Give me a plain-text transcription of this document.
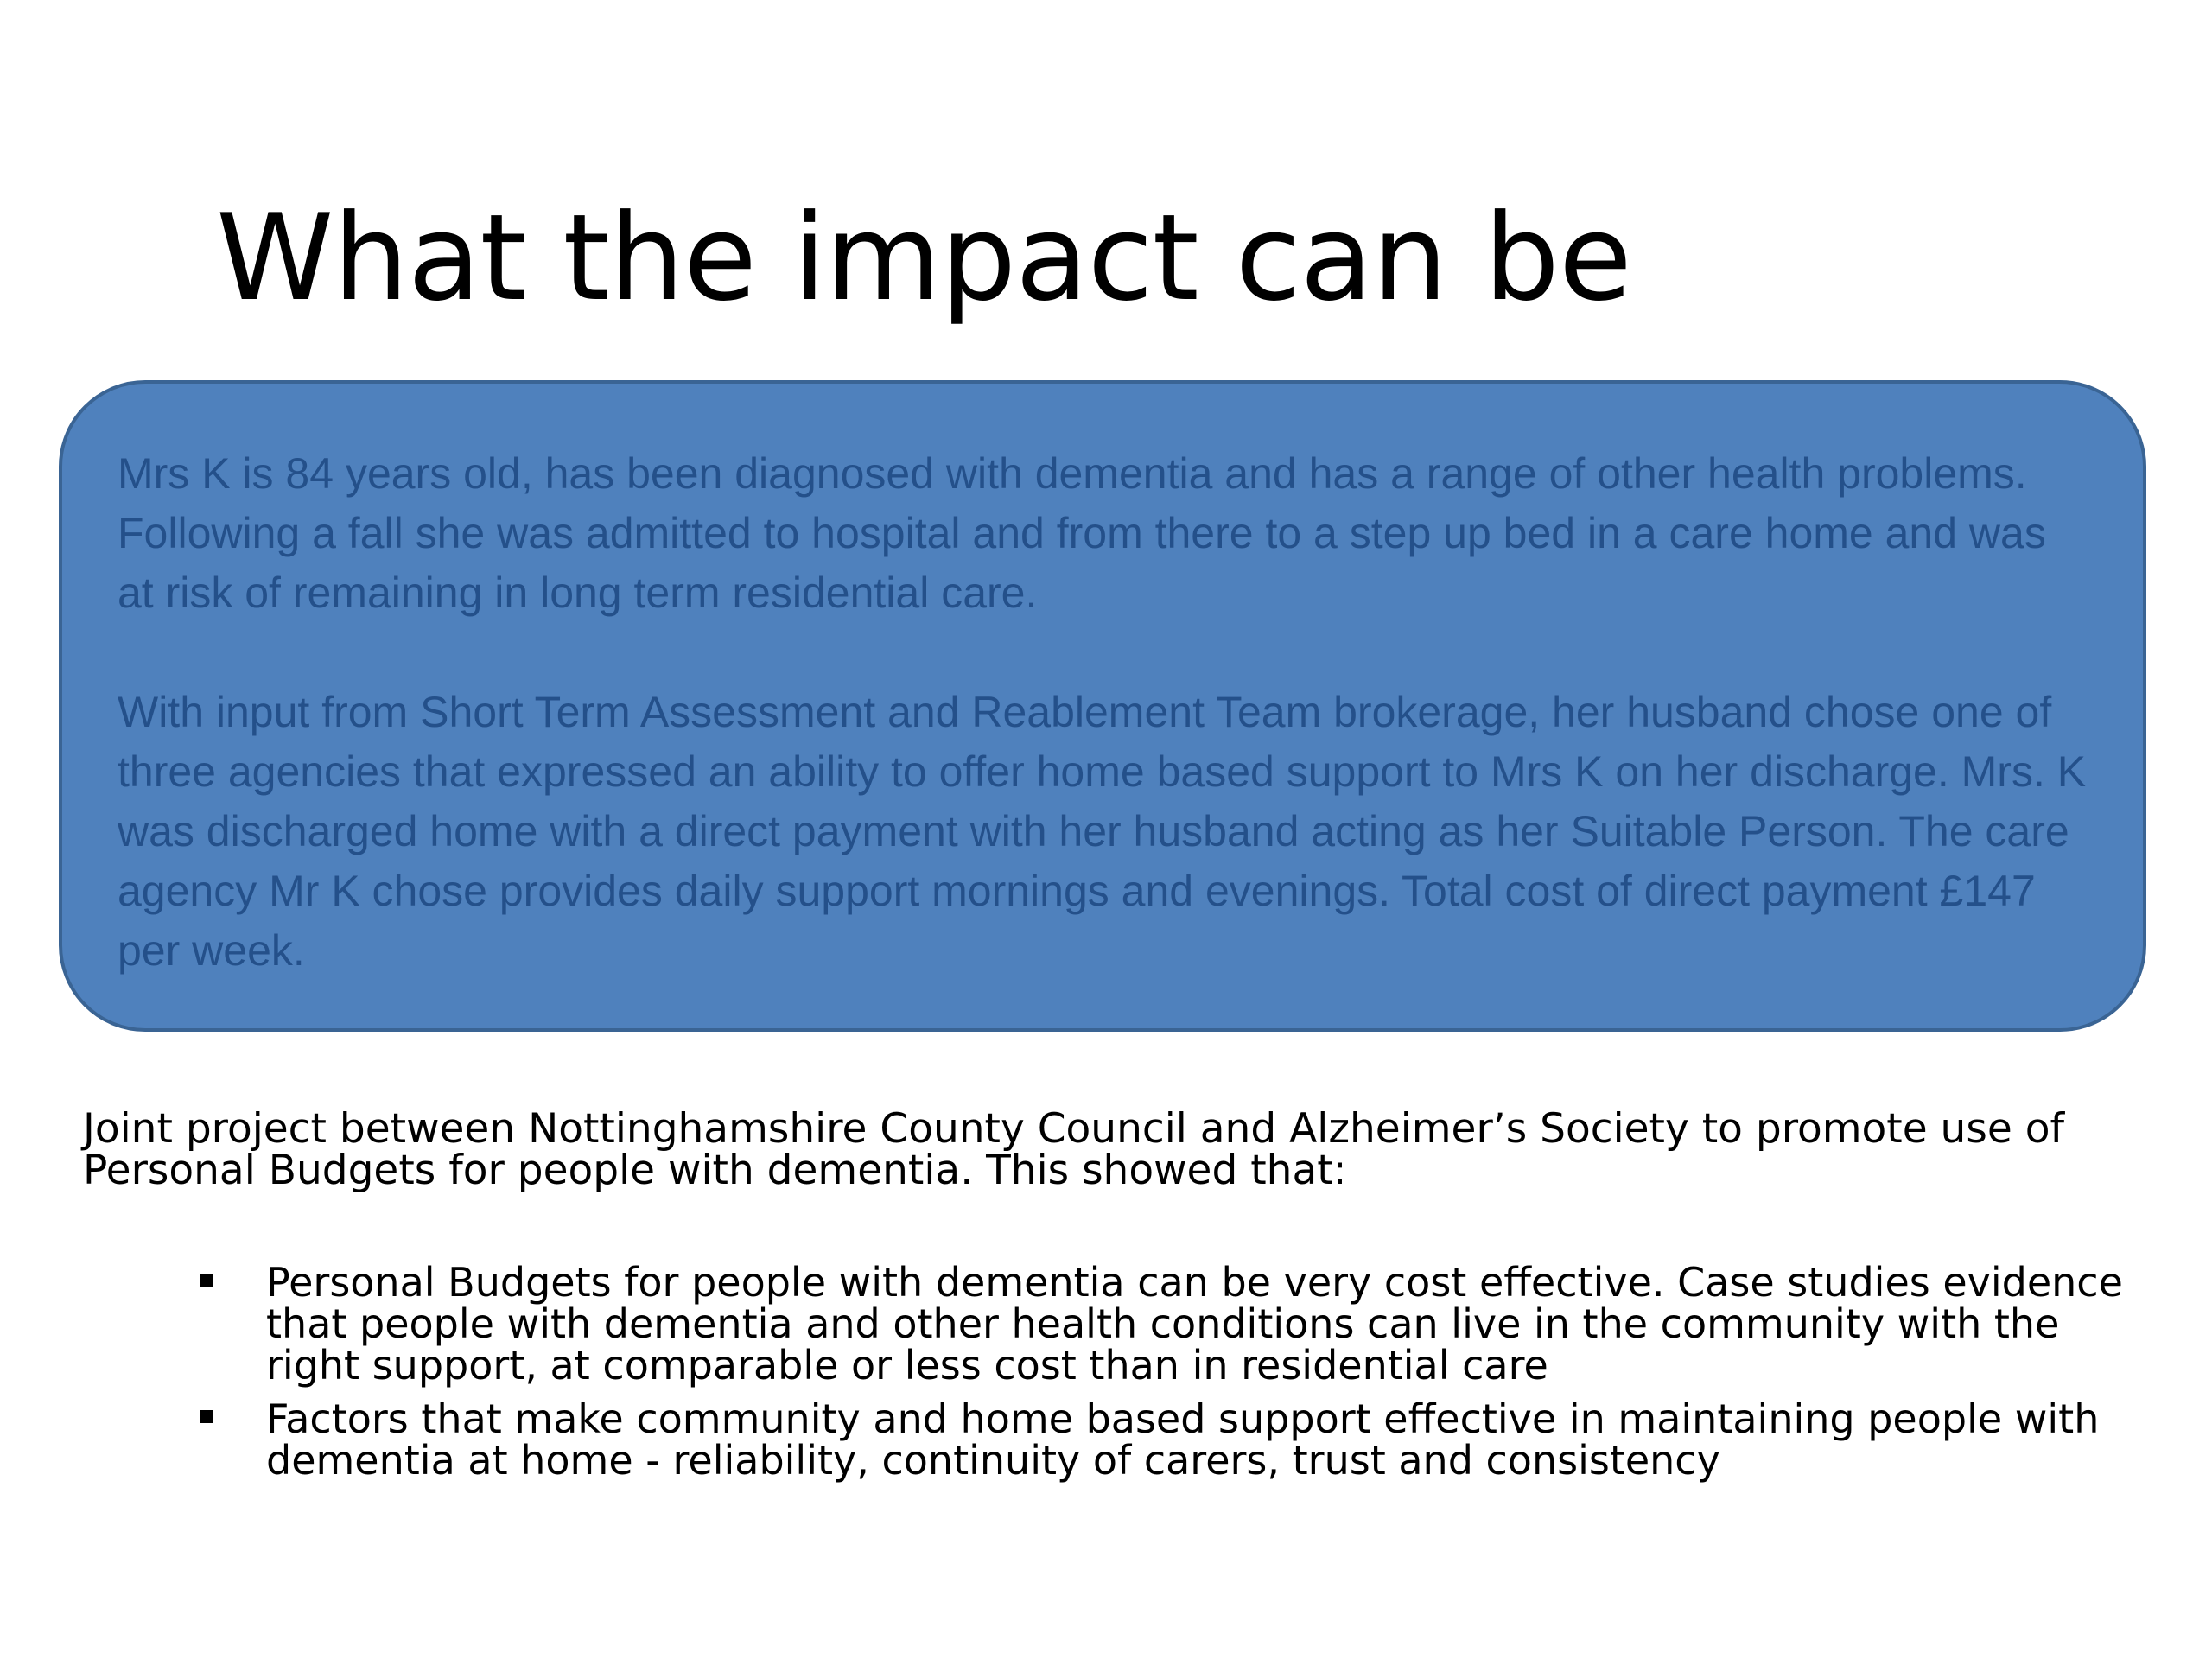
What the impact can be

Mrs K is 84 years old, has been diagnosed with dementia and has a range of other health problems. Following a fall she was admitted to hospital and from there to a step up bed in a care home and was at risk of remaining in long term residential care.

With input from Short Term Assessment and Reablement Team brokerage, her husband chose one of three agencies that expressed an ability to offer home based support to Mrs K on her discharge. Mrs. K was discharged home with a direct payment with her husband acting as her Suitable Person. The care agency Mr K chose provides daily support mornings and evenings. Total cost of direct payment £147 per week.

Joint project between Nottinghamshire County Council and Alzheimer’s Society to promote use of Personal Budgets for people with dementia. This showed that:

Personal Budgets for people with dementia can be very cost effective. Case studies evidence that people with dementia and other health conditions can live in the community with the right support, at comparable or less cost than in residential care
Factors that make community and home based support effective in maintaining people with dementia at home - reliability, continuity of carers, trust and consistency
